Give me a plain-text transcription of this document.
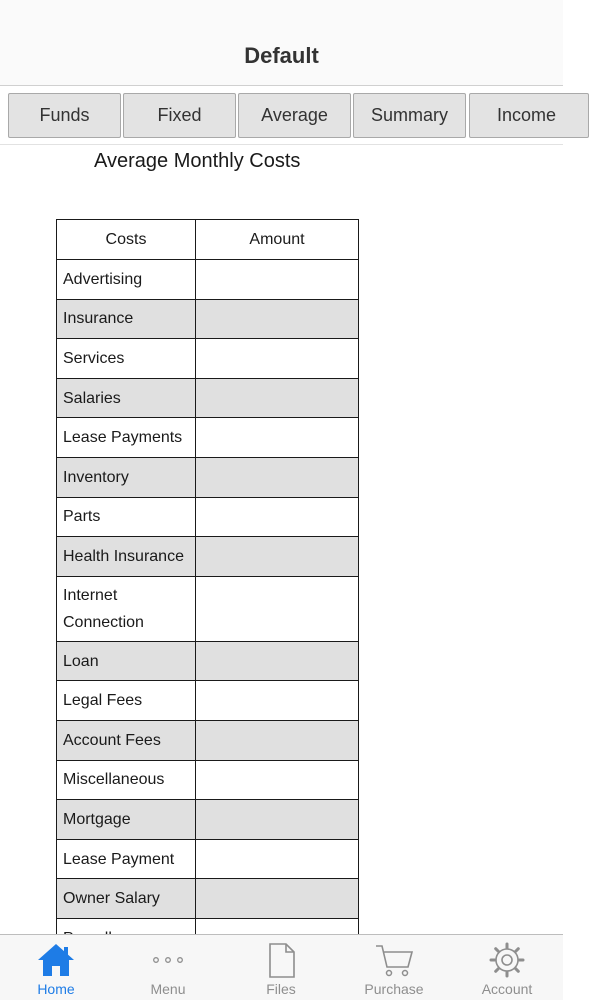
Default
Funds	Fixed	Average	Summary	Income
Average Monthly Costs
Costs	Amount
Advertising	
Insurance	
Services	
Salaries	
Lease Payments	
Inventory	
Parts	
Health Insurance	
Internet Connection	
Loan	
Legal Fees	
Account Fees	
Miscellaneous	
Mortgage	
Lease Payment	
Owner Salary	

Home	Menu	Files	Purchase	Account
